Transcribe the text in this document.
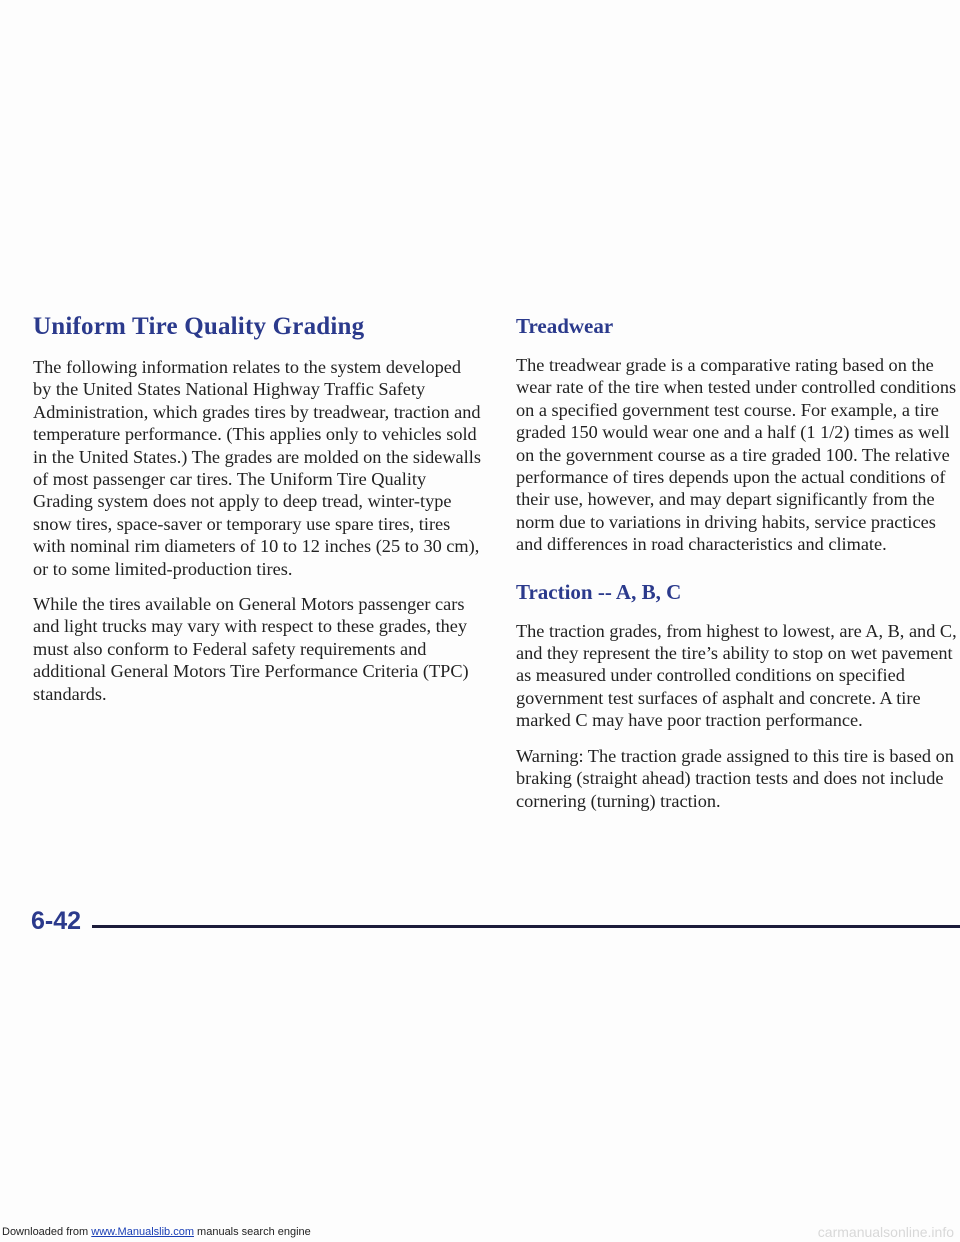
Uniform Tire Quality Grading

The following information relates to the system developed by the United States National Highway Traffic Safety Administration, which grades tires by treadwear, traction and temperature performance. (This applies only to vehicles sold in the United States.) The grades are molded on the sidewalls of most passenger car tires. The Uniform Tire Quality Grading system does not apply to deep tread, winter-type snow tires, space-saver or temporary use spare tires, tires with nominal rim diameters of 10 to 12 inches (25 to 30 cm), or to some limited-production tires.

While the tires available on General Motors passenger cars and light trucks may vary with respect to these grades, they must also conform to Federal safety requirements and additional General Motors Tire Performance Criteria (TPC) standards.

Treadwear

The treadwear grade is a comparative rating based on the wear rate of the tire when tested under controlled conditions on a specified government test course. For example, a tire graded 150 would wear one and a half (1 1/2) times as well on the government course as a tire graded 100. The relative performance of tires depends upon the actual conditions of their use, however, and may depart significantly from the norm due to variations in driving habits, service practices and differences in road characteristics and climate.

Traction -- A, B, C

The traction grades, from highest to lowest, are A, B, and C, and they represent the tire’s ability to stop on wet pavement as measured under controlled conditions on specified government test surfaces of asphalt and concrete. A tire marked C may have poor traction performance.

Warning: The traction grade assigned to this tire is based on braking (straight ahead) traction tests and does not include cornering (turning) traction.

6-42
Downloaded from www.Manualslib.com manuals search engine	carmanualsonline.info
